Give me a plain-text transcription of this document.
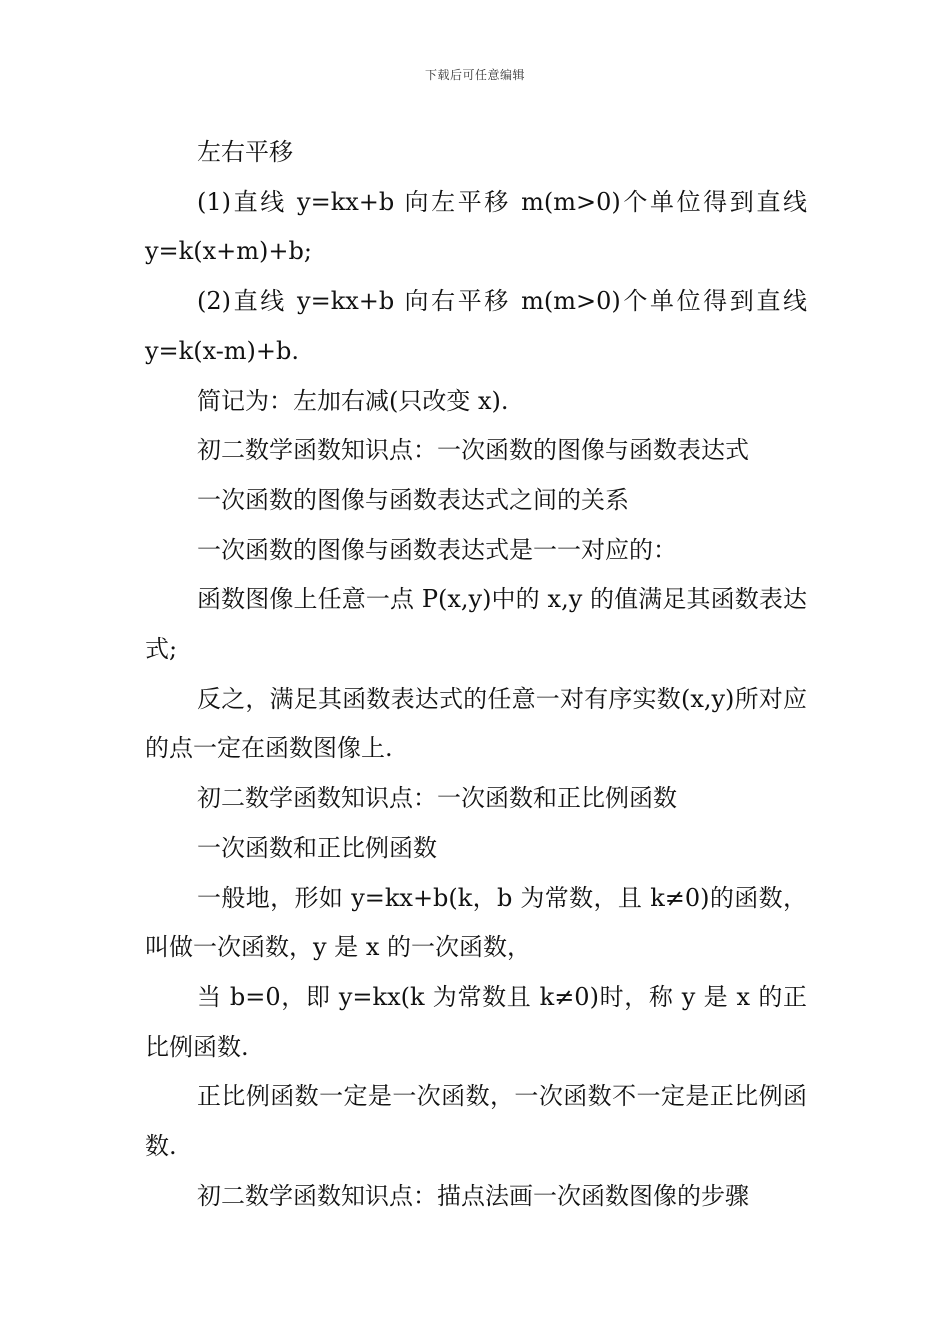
下载后可任意编辑

左右平移

(1)直线 y=kx+b 向左平移 m(m>0)个单位得到直线

y=k(x+m)+b;

(2)直线 y=kx+b 向右平移 m(m>0)个单位得到直线

y=k(x-m)+b.

简记为：左加右减(只改变 x).

初二数学函数知识点：一次函数的图像与函数表达式

一次函数的图像与函数表达式之间的关系

一次函数的图像与函数表达式是一一对应的：

函数图像上任意一点 P(x,y)中的 x,y 的值满足其函数表达式;

反之，满足其函数表达式的任意一对有序实数(x,y)所对应的点一定在函数图像上.

初二数学函数知识点：一次函数和正比例函数

一次函数和正比例函数

一般地，形如 y=kx+b(k，b 为常数，且 k≠0)的函数，叫做一次函数，y 是 x 的一次函数，

当 b=0，即 y=kx(k 为常数且 k≠0)时，称 y 是 x 的正比例函数.

正比例函数一定是一次函数，一次函数不一定是正比例函数.

初二数学函数知识点：描点法画一次函数图像的步骤
